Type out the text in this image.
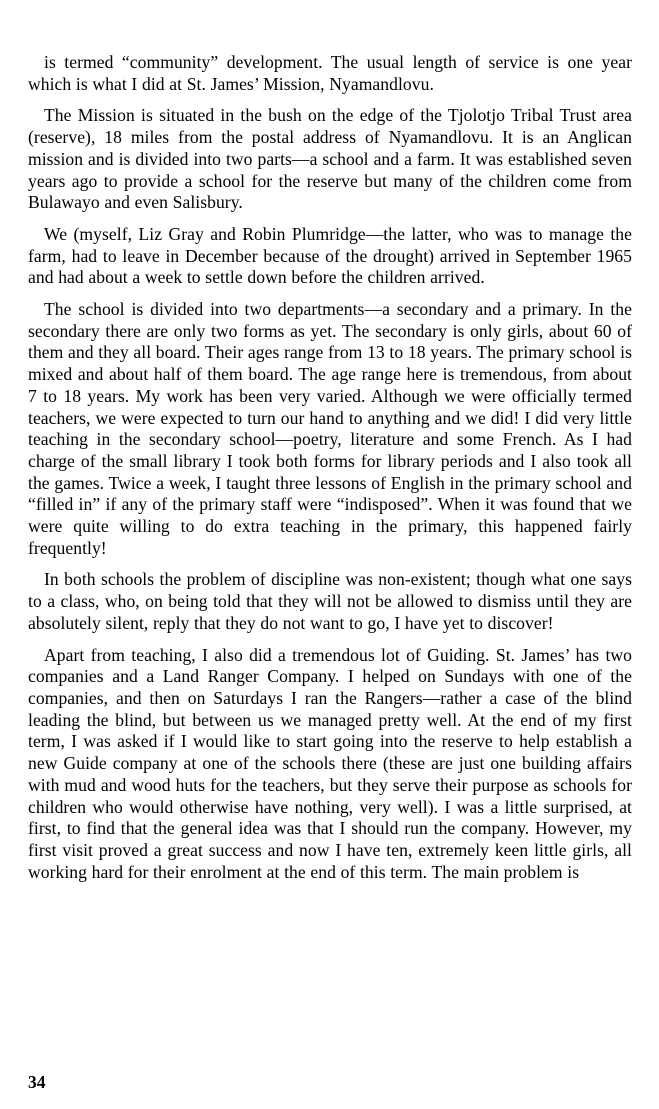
is termed “community” development. The usual length of service is one year which is what I did at St. James’ Mission, Nyamandlovu.

The Mission is situated in the bush on the edge of the Tjolotjo Tribal Trust area (reserve), 18 miles from the postal address of Nyamandlovu. It is an Anglican mission and is divided into two parts—a school and a farm. It was established seven years ago to provide a school for the reserve but many of the children come from Bulawayo and even Salisbury.

We (myself, Liz Gray and Robin Plumridge—the latter, who was to manage the farm, had to leave in December because of the drought) arrived in September 1965 and had about a week to settle down before the children arrived.

The school is divided into two departments—a secondary and a primary. In the secondary there are only two forms as yet. The secondary is only girls, about 60 of them and they all board. Their ages range from 13 to 18 years. The primary school is mixed and about half of them board. The age range here is tremendous, from about 7 to 18 years. My work has been very varied. Although we were officially termed teachers, we were expected to turn our hand to anything and we did! I did very little teaching in the secondary school—poetry, literature and some French. As I had charge of the small library I took both forms for library periods and I also took all the games. Twice a week, I taught three lessons of English in the primary school and “filled in” if any of the primary staff were “indisposed”. When it was found that we were quite willing to do extra teaching in the primary, this happened fairly frequently!

In both schools the problem of discipline was non-existent; though what one says to a class, who, on being told that they will not be allowed to dismiss until they are absolutely silent, reply that they do not want to go, I have yet to discover!

Apart from teaching, I also did a tremendous lot of Guiding. St. James’ has two companies and a Land Ranger Company. I helped on Sundays with one of the companies, and then on Saturdays I ran the Rangers—rather a case of the blind leading the blind, but between us we managed pretty well. At the end of my first term, I was asked if I would like to start going into the reserve to help establish a new Guide company at one of the schools there (these are just one building affairs with mud and wood huts for the teachers, but they serve their purpose as schools for children who would otherwise have nothing, very well). I was a little surprised, at first, to find that the general idea was that I should run the company. However, my first visit proved a great success and now I have ten, extremely keen little girls, all working hard for their enrolment at the end of this term. The main problem is

34
